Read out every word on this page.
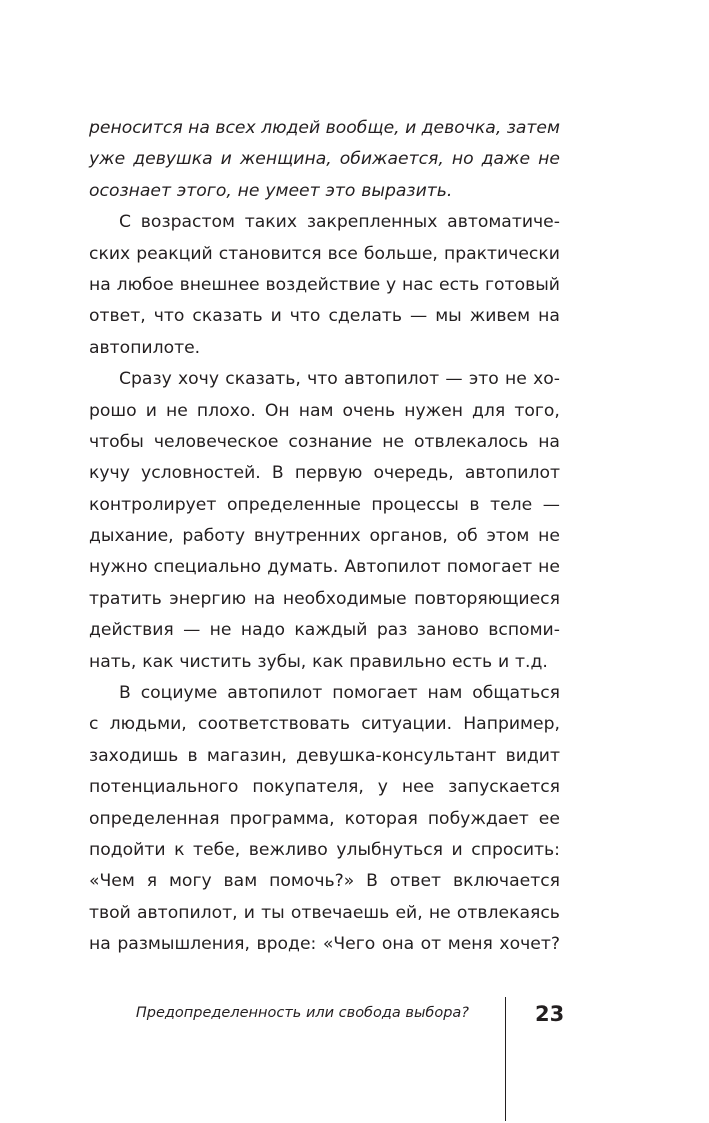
реносится на всех людей вообще, и девочка, затем
уже девушка и женщина, обижается, но даже не
осознает этого, не умеет это выразить.
С возрастом таких закрепленных автоматиче-
ских реакций становится все больше, практически
на любое внешнее воздействие у нас есть готовый
ответ, что сказать и что сделать — мы живем на
автопилоте.
Сразу хочу сказать, что автопилот — это не хо-
рошо и не плохо. Он нам очень нужен для того,
чтобы человеческое сознание не отвлекалось на
кучу условностей. В первую очередь, автопилот
контролирует определенные процессы в теле —
дыхание, работу внутренних органов, об этом не
нужно специально думать. Автопилот помогает не
тратить энергию на необходимые повторяющиеся
действия — не надо каждый раз заново вспоми-
нать, как чистить зубы, как правильно есть и т.д.
В социуме автопилот помогает нам общаться
с людьми, соответствовать ситуации. Например,
заходишь в магазин, девушка-консультант видит
потенциального покупателя, у нее запускается
определенная программа, которая побуждает ее
подойти к тебе, вежливо улыбнуться и спросить:
«Чем я могу вам помочь?» В ответ включается
твой автопилот, и ты отвечаешь ей, не отвлекаясь
на размышления, вроде: «Чего она от меня хочет?
Предопределенность или свобода выбора?	23
